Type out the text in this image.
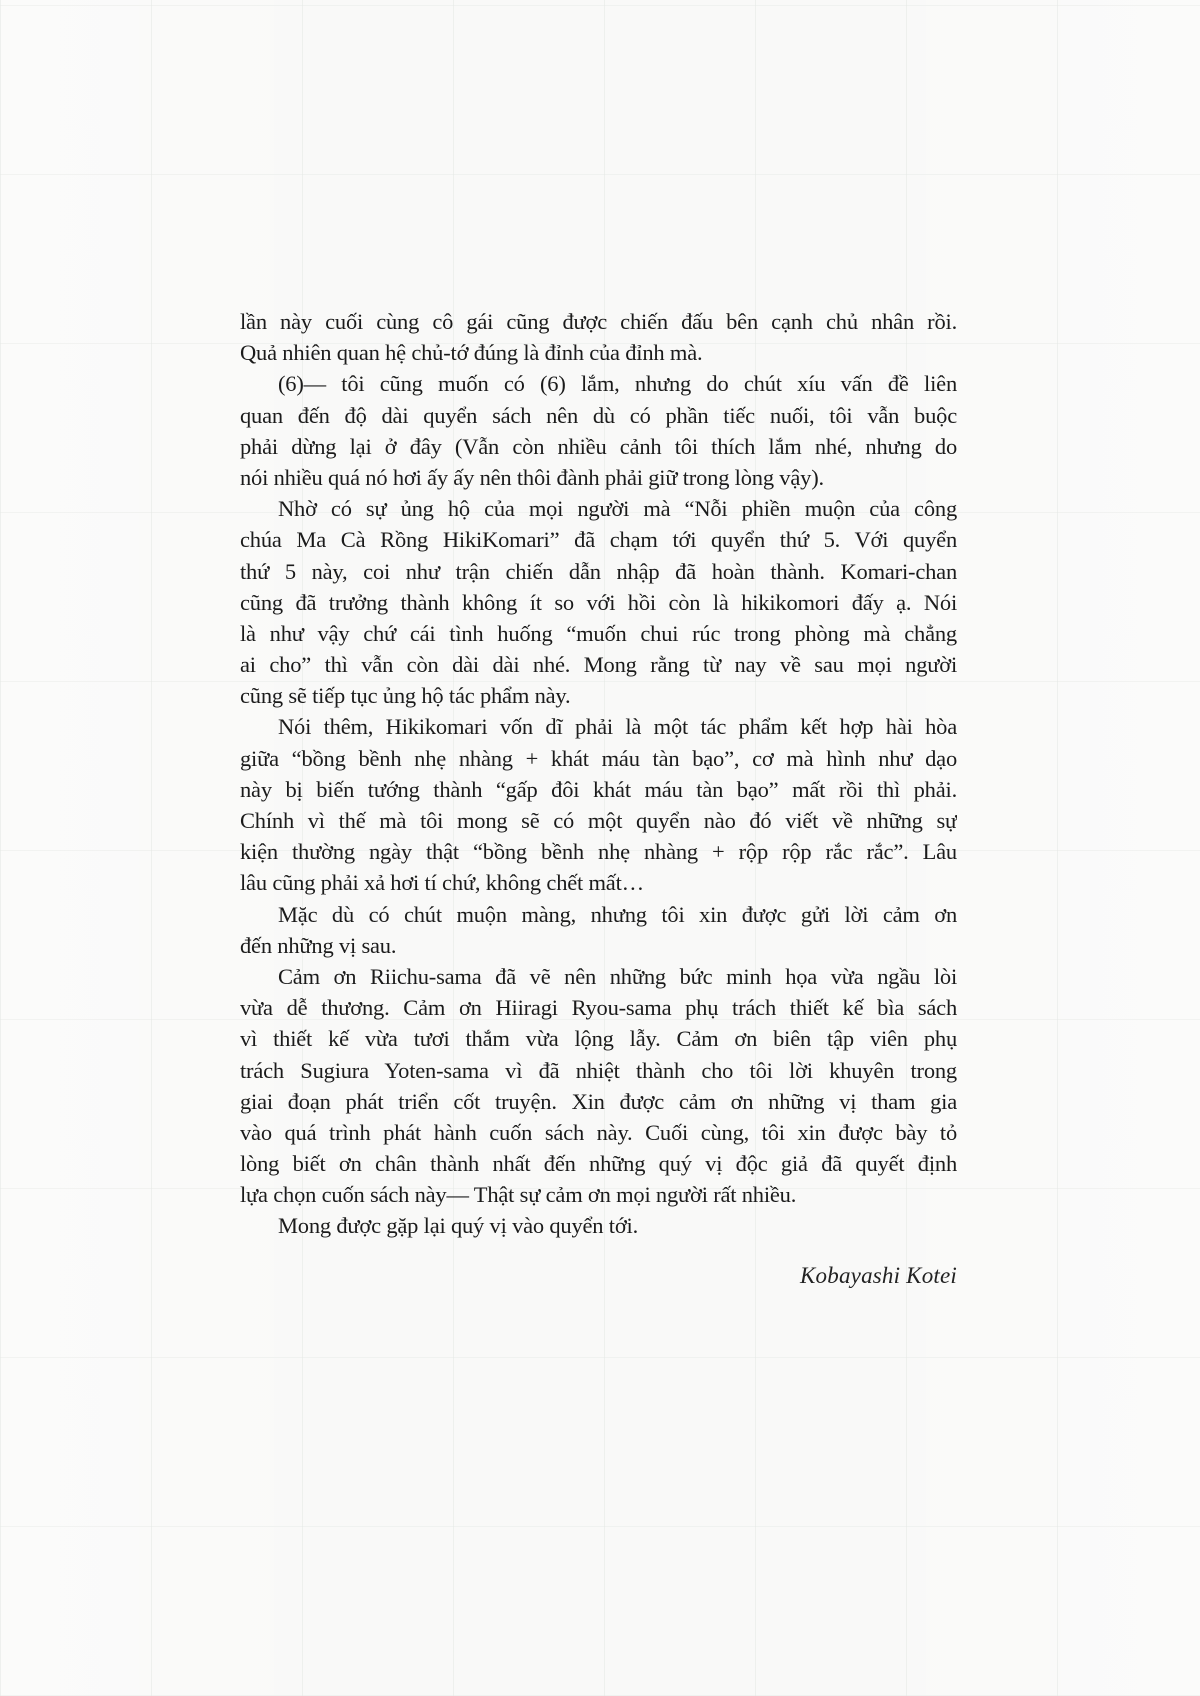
lần này cuối cùng cô gái cũng được chiến đấu bên cạnh chủ nhân rồi.
Quả nhiên quan hệ chủ-tớ đúng là đỉnh của đỉnh mà.
(6)— tôi cũng muốn có (6) lắm, nhưng do chút xíu vấn đề liên
quan đến độ dài quyển sách nên dù có phần tiếc nuối, tôi vẫn buộc
phải dừng lại ở đây (Vẫn còn nhiều cảnh tôi thích lắm nhé, nhưng do
nói nhiều quá nó hơi ấy ấy nên thôi đành phải giữ trong lòng vậy).
Nhờ có sự ủng hộ của mọi người mà “Nỗi phiền muộn của công
chúa Ma Cà Rồng HikiKomari” đã chạm tới quyển thứ 5. Với quyển
thứ 5 này, coi như trận chiến dẫn nhập đã hoàn thành. Komari-chan
cũng đã trưởng thành không ít so với hồi còn là hikikomori đấy ạ. Nói
là như vậy chứ cái tình huống “muốn chui rúc trong phòng mà chẳng
ai cho” thì vẫn còn dài dài nhé. Mong rằng từ nay về sau mọi người
cũng sẽ tiếp tục ủng hộ tác phẩm này.
Nói thêm, Hikikomari vốn dĩ phải là một tác phẩm kết hợp hài hòa
giữa “bồng bềnh nhẹ nhàng + khát máu tàn bạo”, cơ mà hình như dạo
này bị biến tướng thành “gấp đôi khát máu tàn bạo” mất rồi thì phải.
Chính vì thế mà tôi mong sẽ có một quyển nào đó viết về những sự
kiện thường ngày thật “bồng bềnh nhẹ nhàng + rộp rộp rắc rắc”. Lâu
lâu cũng phải xả hơi tí chứ, không chết mất…
Mặc dù có chút muộn màng, nhưng tôi xin được gửi lời cảm ơn
đến những vị sau.
Cảm ơn Riichu-sama đã vẽ nên những bức minh họa vừa ngầu lòi
vừa dễ thương. Cảm ơn Hiiragi Ryou-sama phụ trách thiết kế bìa sách
vì thiết kế vừa tươi thắm vừa lộng lẫy. Cảm ơn biên tập viên phụ
trách Sugiura Yoten-sama vì đã nhiệt thành cho tôi lời khuyên trong
giai đoạn phát triển cốt truyện. Xin được cảm ơn những vị tham gia
vào quá trình phát hành cuốn sách này. Cuối cùng, tôi xin được bày tỏ
lòng biết ơn chân thành nhất đến những quý vị độc giả đã quyết định
lựa chọn cuốn sách này— Thật sự cảm ơn mọi người rất nhiều.
Mong được gặp lại quý vị vào quyển tới.
Kobayashi Kotei
